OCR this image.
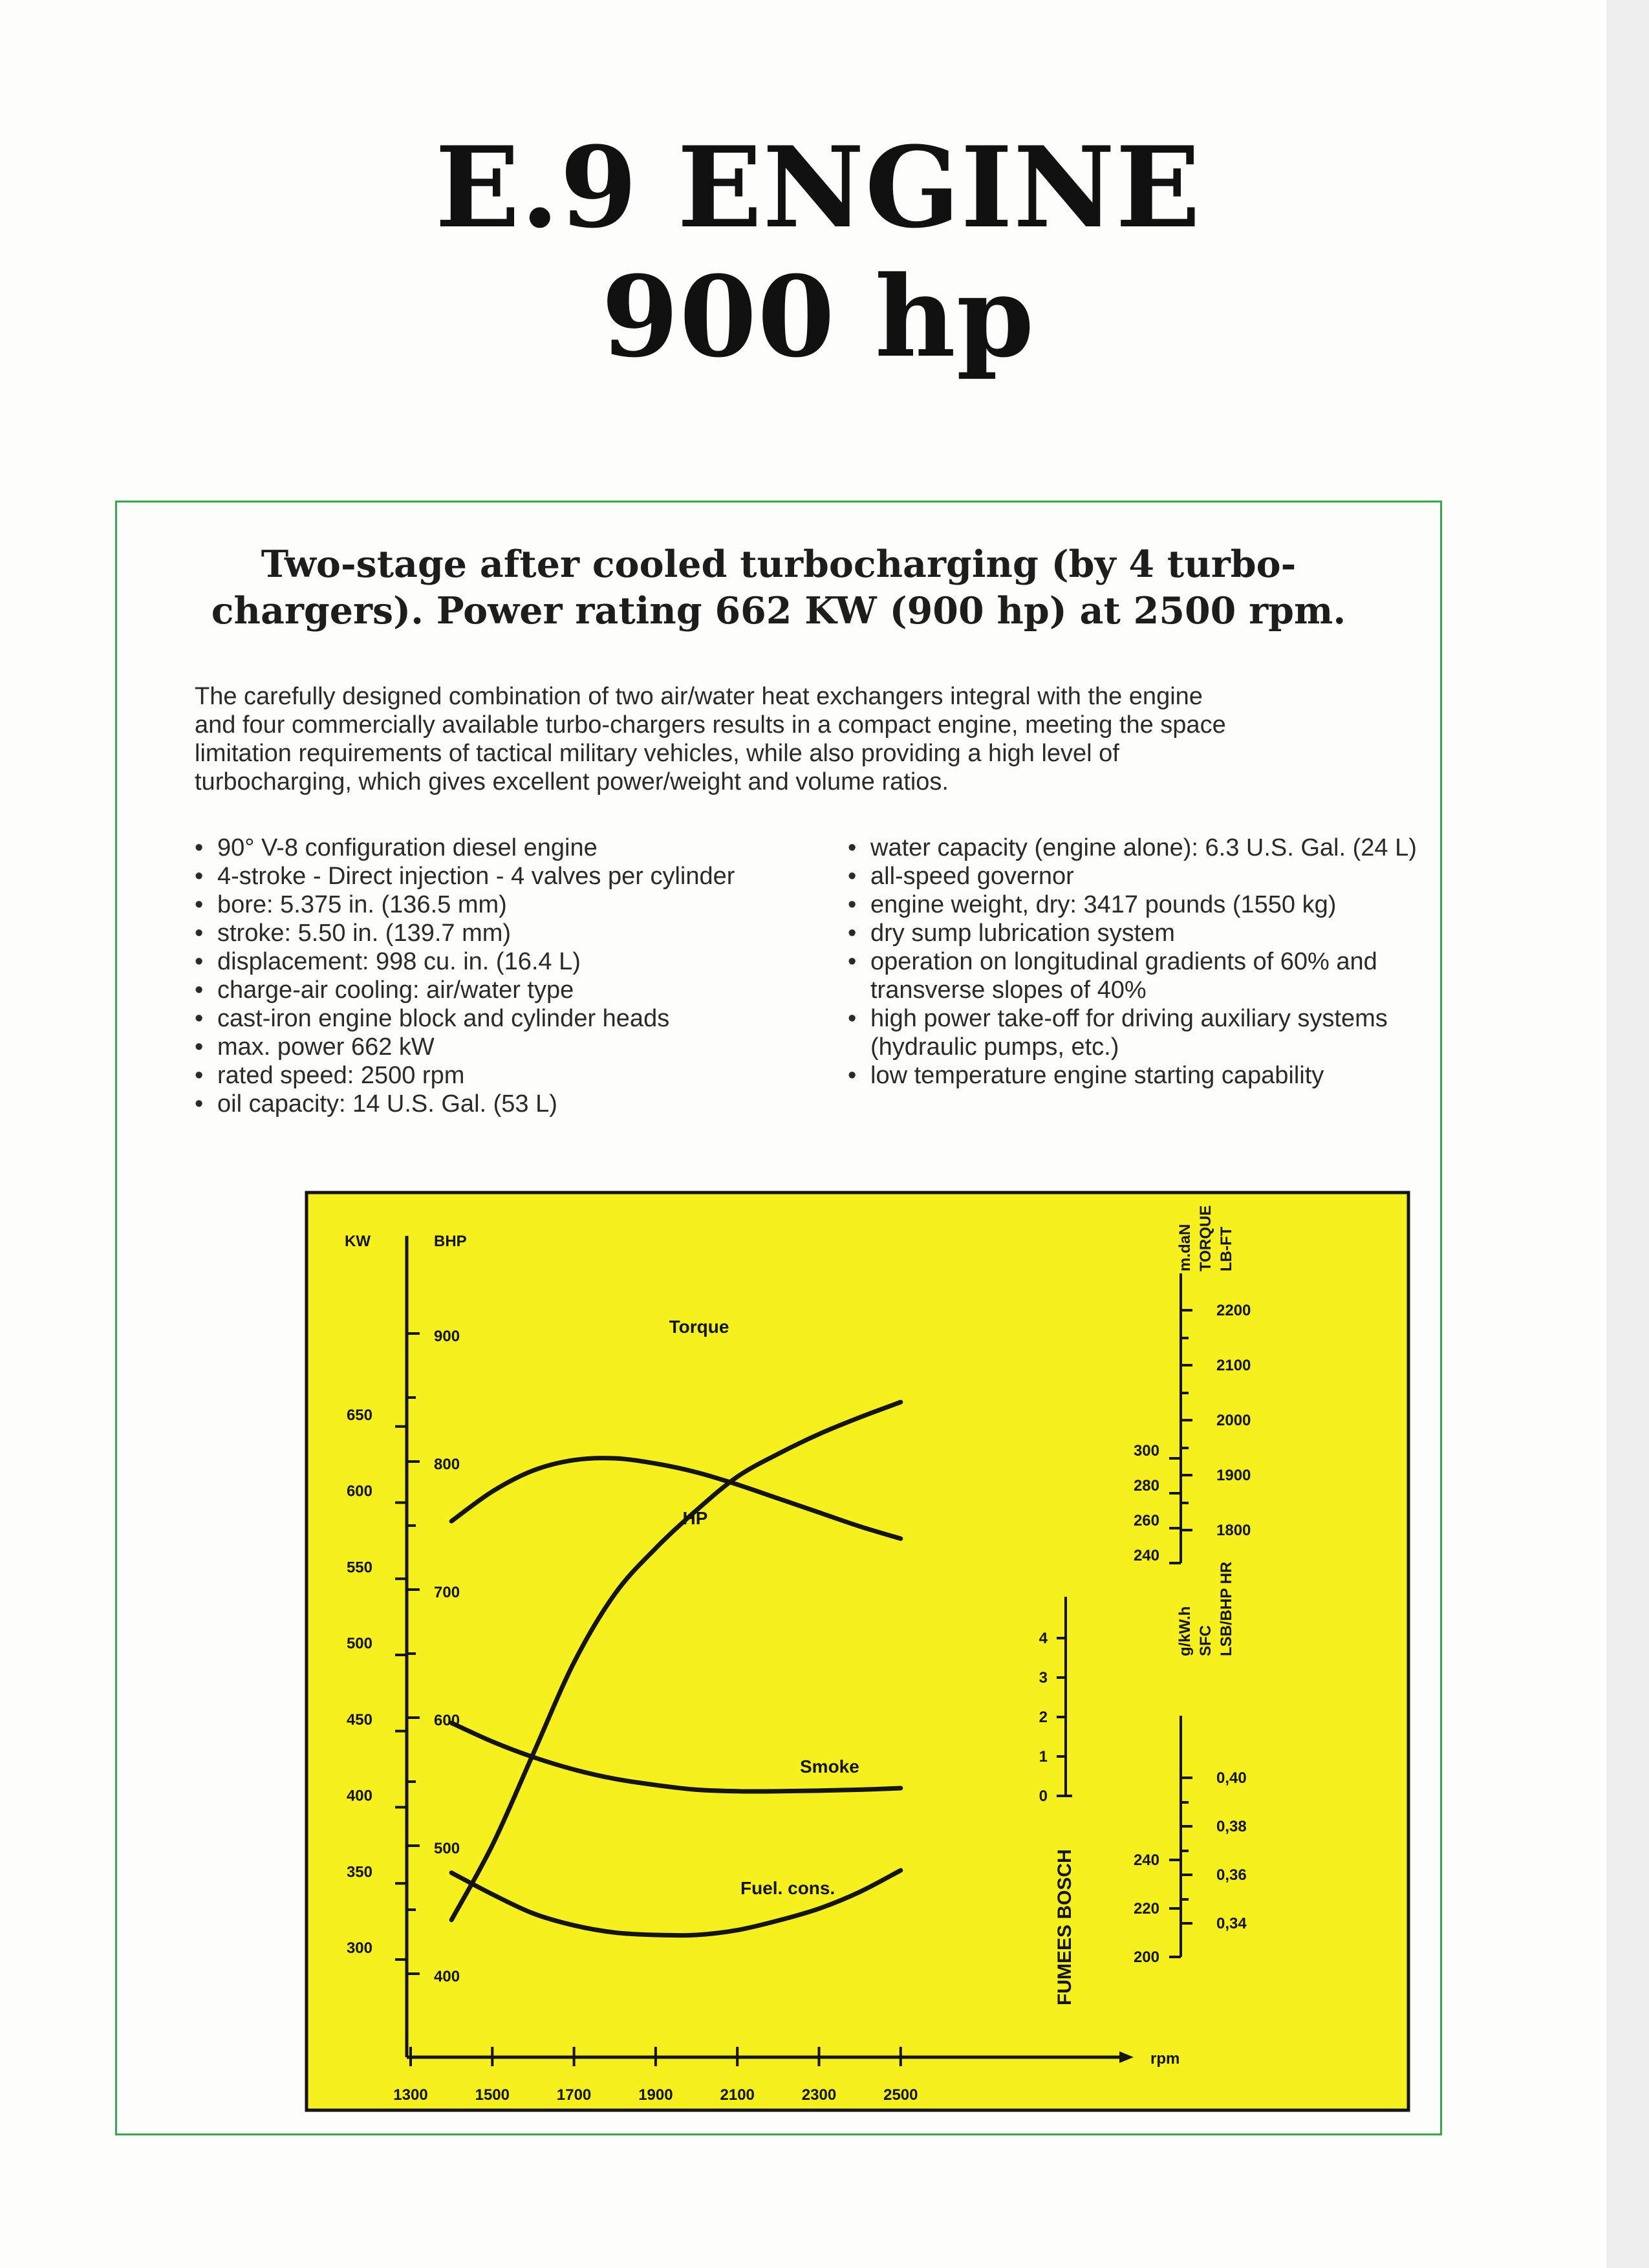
E.9 ENGINE
900 hp
Two-stage after cooled turbocharging (by 4 turbo-
chargers). Power rating 662 KW (900 hp) at 2500 rpm.
The carefully designed combination of two air/water heat exchangers integral with the engine
and four commercially available turbo-chargers results in a compact engine, meeting the space
limitation requirements of tactical military vehicles, while also providing a high level of
turbocharging, which gives excellent power/weight and volume ratios.
• 90° V-8 configuration diesel engine
• 4-stroke - Direct injection - 4 valves per cylinder
• bore: 5.375 in. (136.5 mm)
• stroke: 5.50 in. (139.7 mm)
• displacement: 998 cu. in. (16.4 L)
• charge-air cooling: air/water type
• cast-iron engine block and cylinder heads
• max. power 662 kW
• rated speed: 2500 rpm
• oil capacity: 14 U.S. Gal. (53 L)
• water capacity (engine alone): 6.3 U.S. Gal. (24 L)
• all-speed governor
• engine weight, dry: 3417 pounds (1550 kg)
• dry sump lubrication system
• operation on longitudinal gradients of 60% and transverse slopes of 40%
• high power take-off for driving auxiliary systems (hydraulic pumps, etc.)
• low temperature engine starting capability
KW	BHP
rpm
1300	1500	1700	1900	2100	2300	2500
650
600
550
500
450
400
350
300
900
800
700
600
500
400
m.daN TORQUE LB-FT
300
280
260
240
2200
2100
2000
1900
1800
4
3
2
1
0
FUMEES BOSCH
g/kW.h SFC LSB/BHP HR
240
220
200
0,40
0,38
0,36
0,34
HP
Torque
Smoke
Fuel. cons.
